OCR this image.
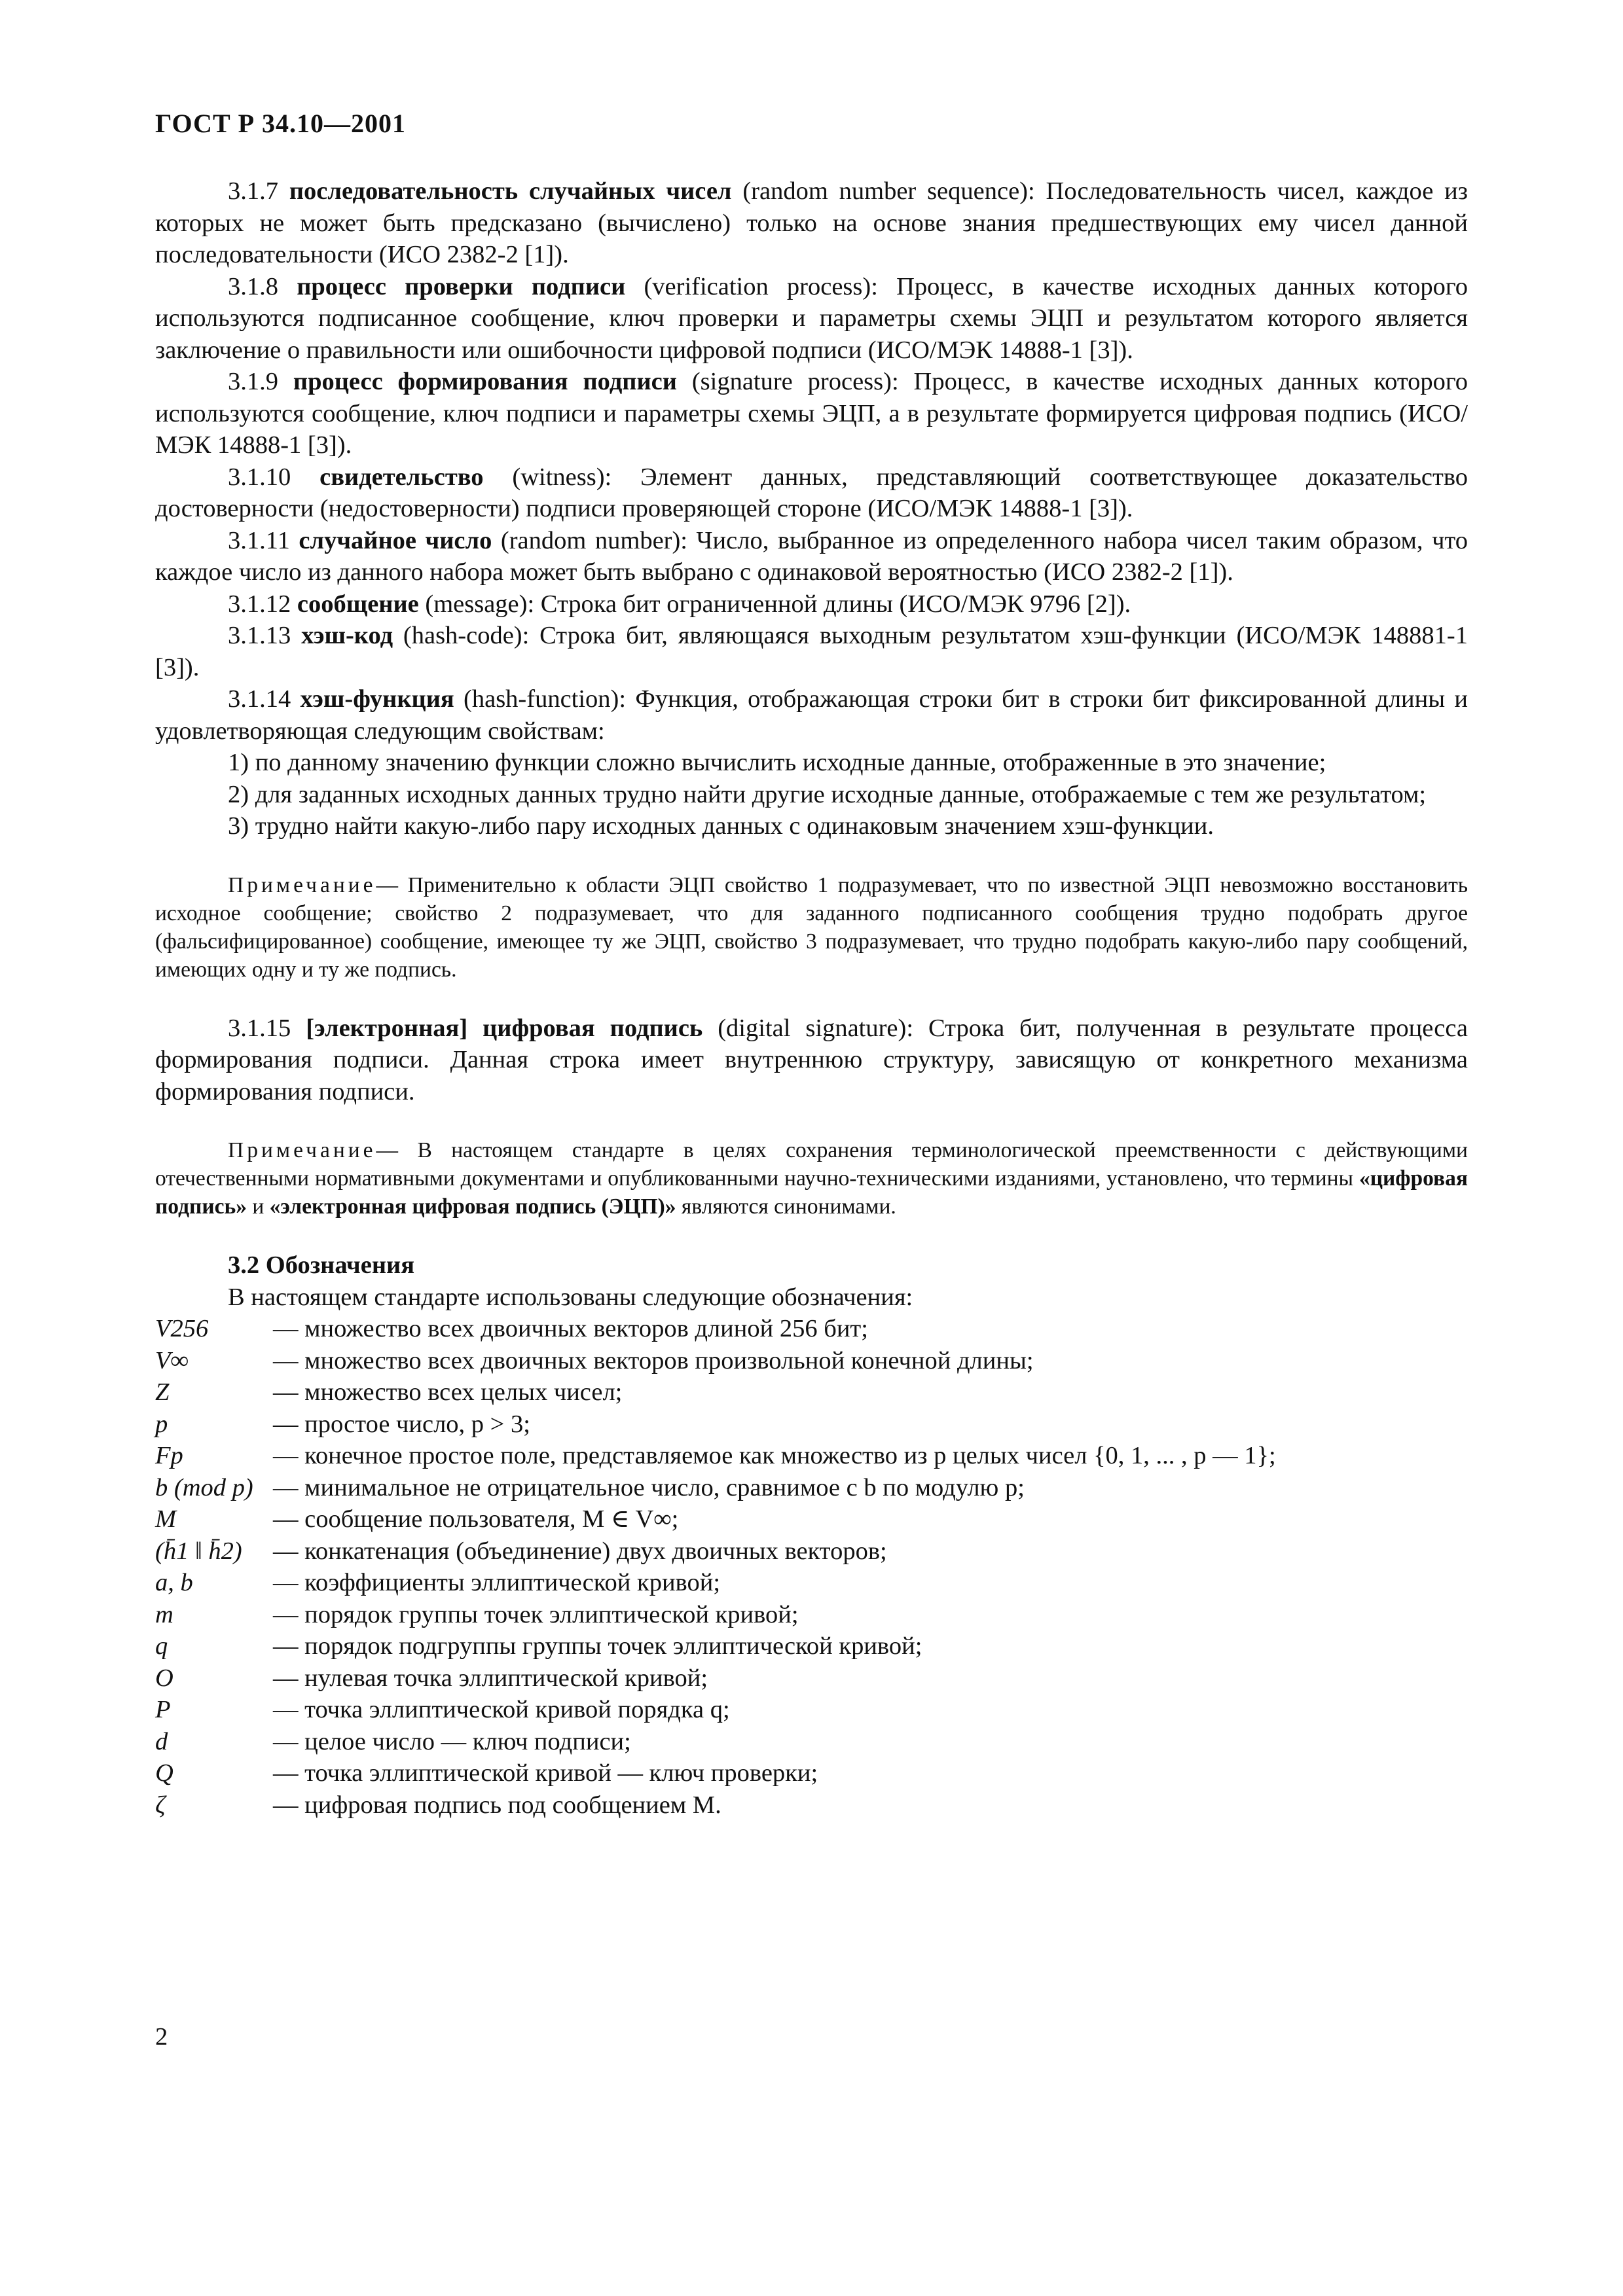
ГОСТ Р 34.10—2001

3.1.7 последовательность случайных чисел (random number sequence): Последовательность чисел, каждое из которых не может быть предсказано (вычислено) только на основе знания предшествующих ему чисел данной последовательности (ИСО 2382-2 [1]).

3.1.8 процесс проверки подписи (verification process): Процесс, в качестве исходных данных которого используются подписанное сообщение, ключ проверки и параметры схемы ЭЦП и результатом которого является заключение о правильности или ошибочности цифровой подписи (ИСО/МЭК 14888-1 [3]).

3.1.9 процесс формирования подписи (signature process): Процесс, в качестве исходных данных которого используются сообщение, ключ подписи и параметры схемы ЭЦП, а в результате формируется цифровая подпись (ИСО/МЭК 14888-1 [3]).

3.1.10 свидетельство (witness): Элемент данных, представляющий соответствующее доказательство достоверности (недостоверности) подписи проверяющей стороне (ИСО/МЭК 14888-1 [3]).

3.1.11 случайное число (random number): Число, выбранное из определенного набора чисел таким образом, что каждое число из данного набора может быть выбрано с одинаковой вероятностью (ИСО 2382-2 [1]).

3.1.12 сообщение (message): Строка бит ограниченной длины (ИСО/МЭК 9796 [2]).

3.1.13 хэш-код (hash-code): Строка бит, являющаяся выходным результатом хэш-функции (ИСО/МЭК 148881-1 [3]).

3.1.14 хэш-функция (hash-function): Функция, отображающая строки бит в строки бит фиксированной длины и удовлетворяющая следующим свойствам:

1) по данному значению функции сложно вычислить исходные данные, отображенные в это значение;

2) для заданных исходных данных трудно найти другие исходные данные, отображаемые с тем же результатом;

3) трудно найти какую-либо пару исходных данных с одинаковым значением хэш-функции.

Примечание— Применительно к области ЭЦП свойство 1 подразумевает, что по известной ЭЦП невозможно восстановить исходное сообщение; свойство 2 подразумевает, что для заданного подписанного сообщения трудно подобрать другое (фальсифицированное) сообщение, имеющее ту же ЭЦП, свойство 3 подразумевает, что трудно подобрать какую-либо пару сообщений, имеющих одну и ту же подпись.

3.1.15 [электронная] цифровая подпись (digital signature): Строка бит, полученная в результате процесса формирования подписи. Данная строка имеет внутреннюю структуру, зависящую от конкретного механизма формирования подписи.

Примечание— В настоящем стандарте в целях сохранения терминологической преемственности с действующими отечественными нормативными документами и опубликованными научно-техническими изданиями, установлено, что термины «цифровая подпись» и «электронная цифровая подпись (ЭЦП)» являются синонимами.

3.2 Обозначения

В настоящем стандарте использованы следующие обозначения:

V256	— множество всех двоичных векторов длиной 256 бит;
V∞	— множество всех двоичных векторов произвольной конечной длины;
Z	— множество всех целых чисел;
p	— простое число, p > 3;
Fp	— конечное простое поле, представляемое как множество из p целых чисел {0, 1, ... , p — 1};
b (mod p) — минимальное не отрицательное число, сравнимое с b по модулю p;
M	— сообщение пользователя, M ∈ V∞;
(h̄1 ‖ h̄2)	— конкатенация (объединение) двух двоичных векторов;
a, b	— коэффициенты эллиптической кривой;
m	— порядок группы точек эллиптической кривой;
q	— порядок подгруппы группы точек эллиптической кривой;
O	— нулевая точка эллиптической кривой;
P	— точка эллиптической кривой порядка q;
d	— целое число — ключ подписи;
Q	— точка эллиптической кривой — ключ проверки;
ζ	— цифровая подпись под сообщением M.
2
